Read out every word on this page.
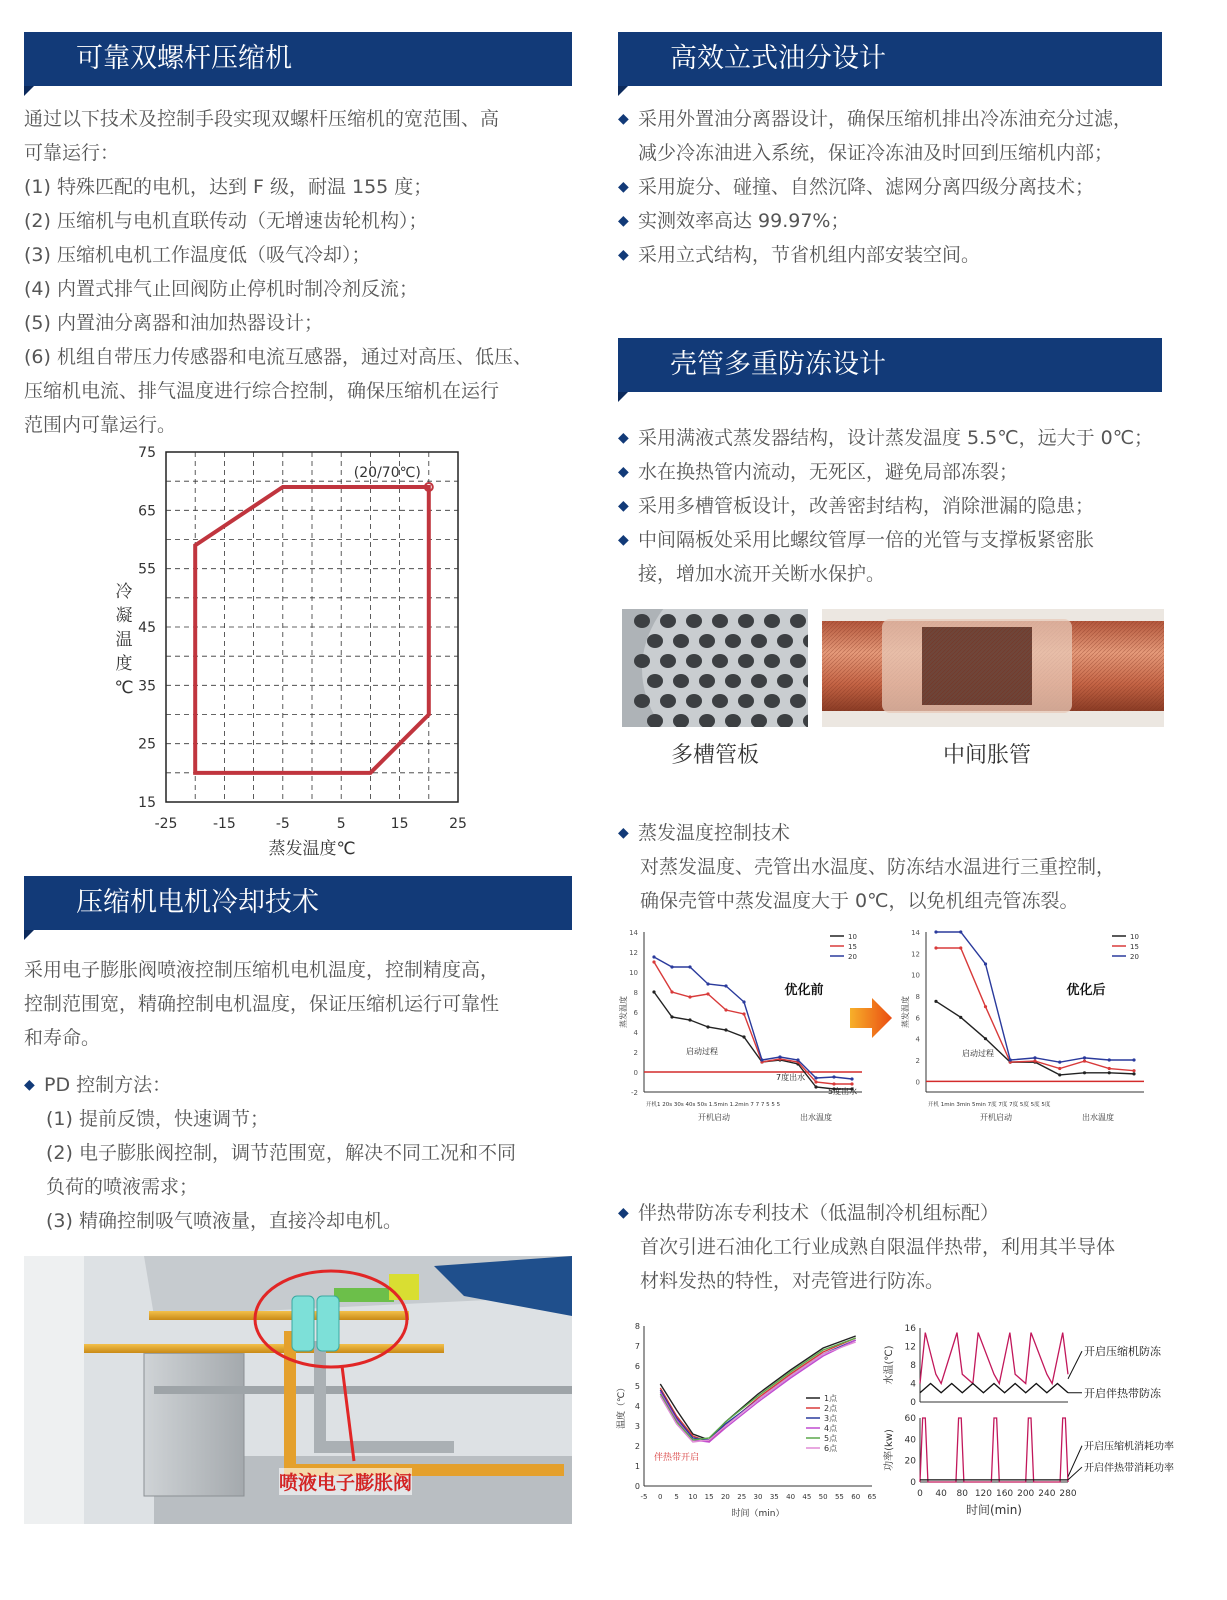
可靠双螺杆压缩机

通过以下技术及控制手段实现双螺杆压缩机的宽范围、高

可靠运行：

(1) 特殊匹配的电机，达到 F 级，耐温 155 度；

(2) 压缩机与电机直联传动（无增速齿轮机构）；

(3) 压缩机电机工作温度低（吸气冷却）；

(4) 内置式排气止回阀防止停机时制冷剂反流；

(5) 内置油分离器和油加热器设计；

(6) 机组自带压力传感器和电流互感器，通过对高压、低压、

压缩机电流、排气温度进行综合控制，确保压缩机在运行

范围内可靠运行。

75
65
55
45
35
25
15
-25	-15	-5	5	15	25
(20/70℃)
蒸发温度℃
冷
凝
温
度
℃
压缩机电机冷却技术

采用电子膨胀阀喷液控制压缩机电机温度，控制精度高，

控制范围宽，精确控制电机温度，保证压缩机运行可靠性

和寿命。

◆ PD 控制方法：
(1) 提前反馈，快速调节；
(2) 电子膨胀阀控制，调节范围宽，解决不同工况和不同
负荷的喷液需求；
(3) 精确控制吸气喷液量，直接冷却电机。
喷液电子膨胀阀
高效立式油分设计
◆ 采用外置油分离器设计，确保压缩机排出冷冻油充分过滤，
减少冷冻油进入系统，保证冷冻油及时回到压缩机内部；
◆ 采用旋分、碰撞、自然沉降、滤网分离四级分离技术；
◆ 实测效率高达 99.97%；
◆ 采用立式结构，节省机组内部安装空间。
壳管多重防冻设计
◆ 采用满液式蒸发器结构，设计蒸发温度 5.5℃，远大于 0℃；
◆ 水在换热管内流动，无死区，避免局部冻裂；
◆ 采用多槽管板设计，改善密封结构，消除泄漏的隐患；
◆ 中间隔板处采用比螺纹管厚一倍的光管与支撑板紧密胀
接，增加水流开关断水保护。
多槽管板	中间胀管
◆ 蒸发温度控制技术
对蒸发温度、壳管出水温度、防冻结水温进行三重控制，
确保壳管中蒸发温度大于 0℃，以免机组壳管冻裂。
14
12
10
8
6
4
2
0
-2
10
15
20
优化前
蒸发温度
启动过程
7度出水
5度出水
开机1 20s 30s 40s 50s 1.5min 1.2min 7 7 7 5 5 5
开机启动	出水温度
14
12
10
8
6
4
2
0
10
15
20
优化后
蒸发温度
启动过程
开机 1min 3min 5min 7度 7度 7度 5度 5度 5度
开机启动	出水温度
◆ 伴热带防冻专利技术（低温制冷机组标配）
首次引进石油化工行业成熟自限温伴热带，利用其半导体
材料发热的特性，对壳管进行防冻。
8
7
6
5
4
3
2
1
0
-5 0 5 10 15 20 25 30 35 40 45 50 55 60 65
1点
2点
3点
4点
5点
6点
伴热带开启
时间（min）
温度（℃）
16
12
8
4
0
水温(℃)	开启压缩机防冻
开启伴热带防冻
60
40
20
0
0 40 80 120 160 200 240 280
功率(kw)	开启压缩机消耗功率
开启伴热带消耗功率
时间(min)
